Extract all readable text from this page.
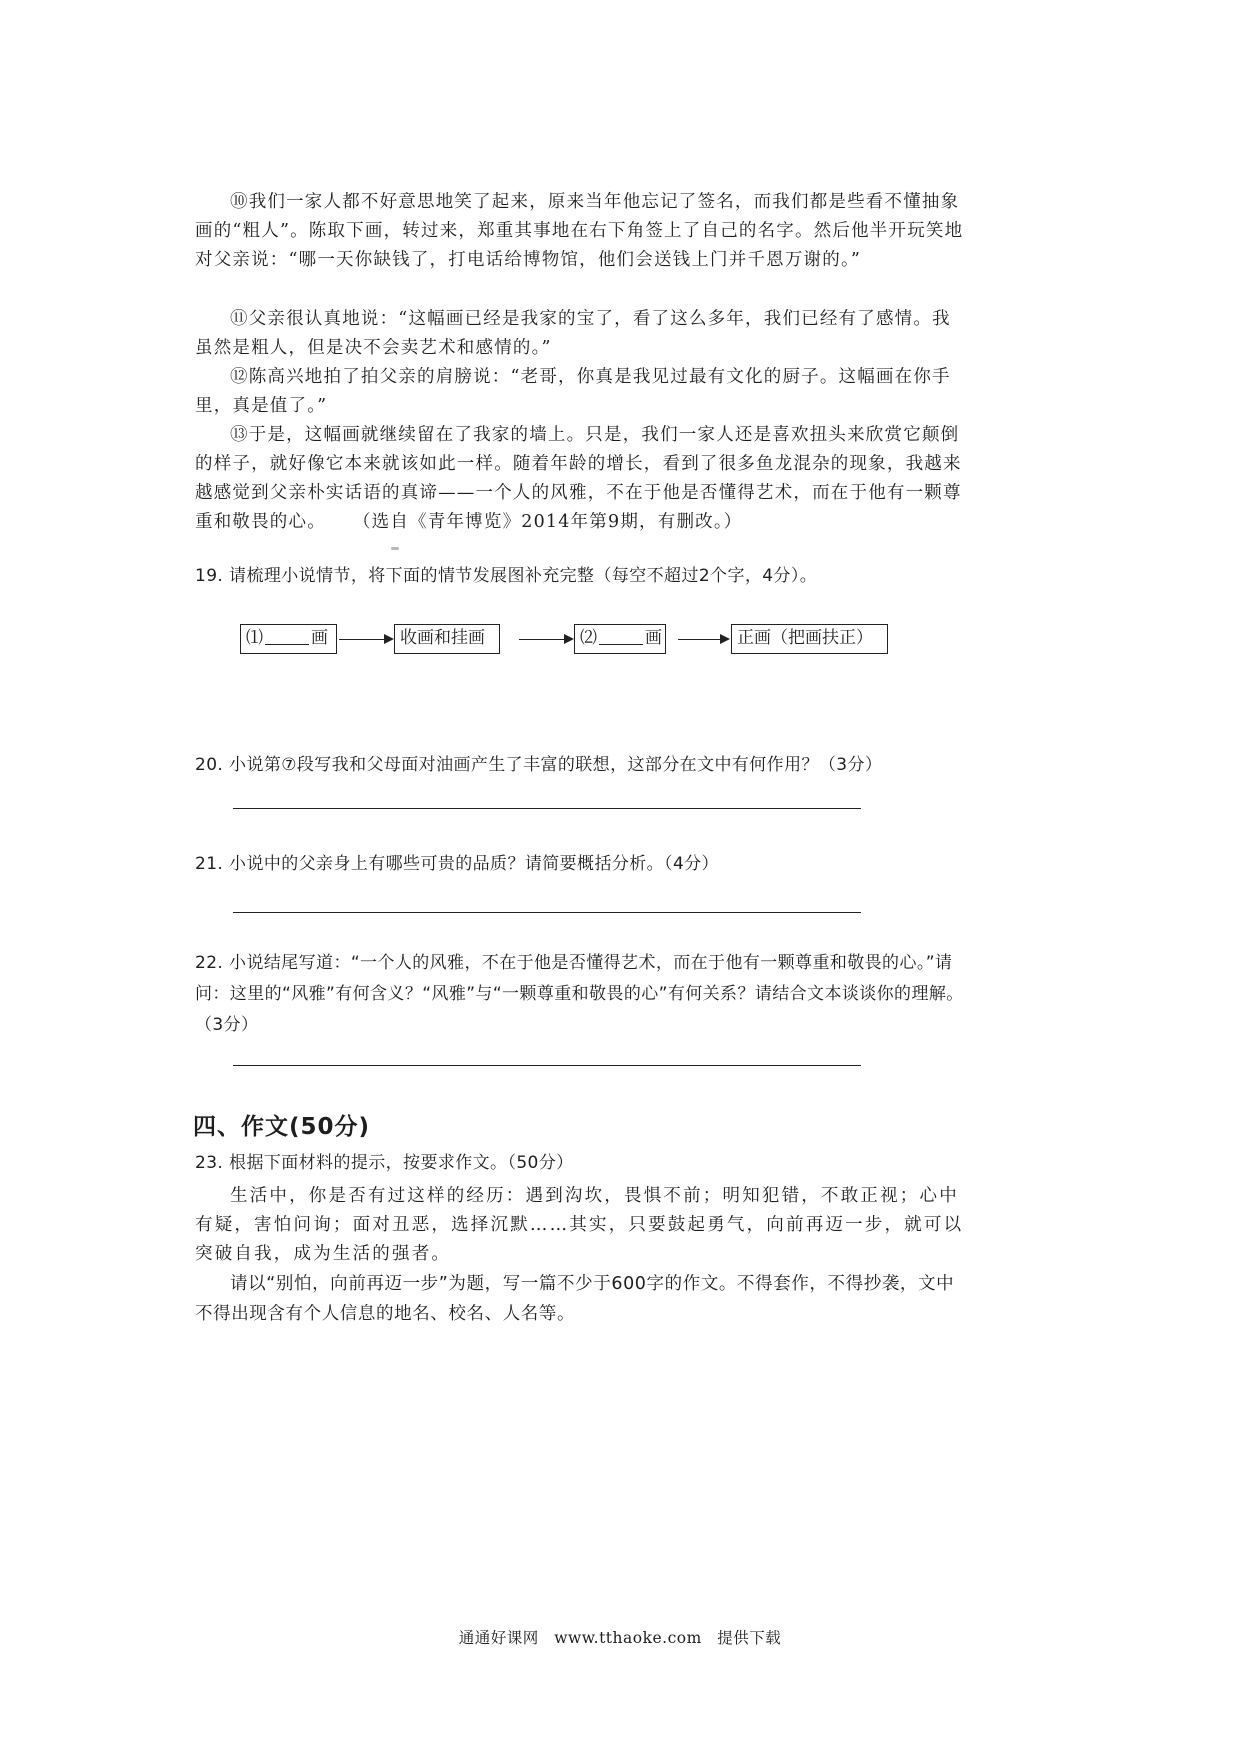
⑩我们一家人都不好意思地笑了起来，原来当年他忘记了签名，而我们都是些看不懂抽象画的“粗人”。陈取下画，转过来，郑重其事地在右下角签上了自己的名字。然后他半开玩笑地对父亲说：“哪一天你缺钱了，打电话给博物馆，他们会送钱上门并千恩万谢的。”

⑪父亲很认真地说：“这幅画已经是我家的宝了，看了这么多年，我们已经有了感情。我虽然是粗人，但是决不会卖艺术和感情的。”

⑫陈高兴地拍了拍父亲的肩膀说：“老哥，你真是我见过最有文化的厨子。这幅画在你手里，真是值了。”

⑬于是，这幅画就继续留在了我家的墙上。只是，我们一家人还是喜欢扭头来欣赏它颠倒的样子，就好像它本来就该如此一样。随着年龄的增长，看到了很多鱼龙混杂的现象，我越来越感觉到父亲朴实话语的真谛——一个人的风雅，不在于他是否懂得艺术，而在于他有一颗尊重和敬畏的心。 （选自《青年博览》2014年第9期，有删改。）

19. 请梳理小说情节，将下面的情节发展图补充完整（每空不超过2个字，4分）。

⑴	画	收画和挂画	⑵	画	正画（把画扶正）

20. 小说第⑦段写我和父母面对油画产生了丰富的联想，这部分在文中有何作用？（3分）

21. 小说中的父亲身上有哪些可贵的品质？请简要概括分析。（4分）

22. 小说结尾写道：“一个人的风雅，不在于他是否懂得艺术，而在于他有一颗尊重和敬畏的心。”请问：这里的“风雅”有何含义？“风雅”与“一颗尊重和敬畏的心”有何关系？请结合文本谈谈你的理解。（3分）

四、作文(50分)

23. 根据下面材料的提示，按要求作文。（50分）

生活中，你是否有过这样的经历：遇到沟坎，畏惧不前；明知犯错，不敢正视；心中有疑，害怕问询；面对丑恶，选择沉默……其实，只要鼓起勇气，向前再迈一步，就可以突破自我，成为生活的强者。

请以“别怕，向前再迈一步”为题，写一篇不少于600字的作文。不得套作，不得抄袭，文中不得出现含有个人信息的地名、校名、人名等。

通通好课网 www.tthaoke.com 提供下载
